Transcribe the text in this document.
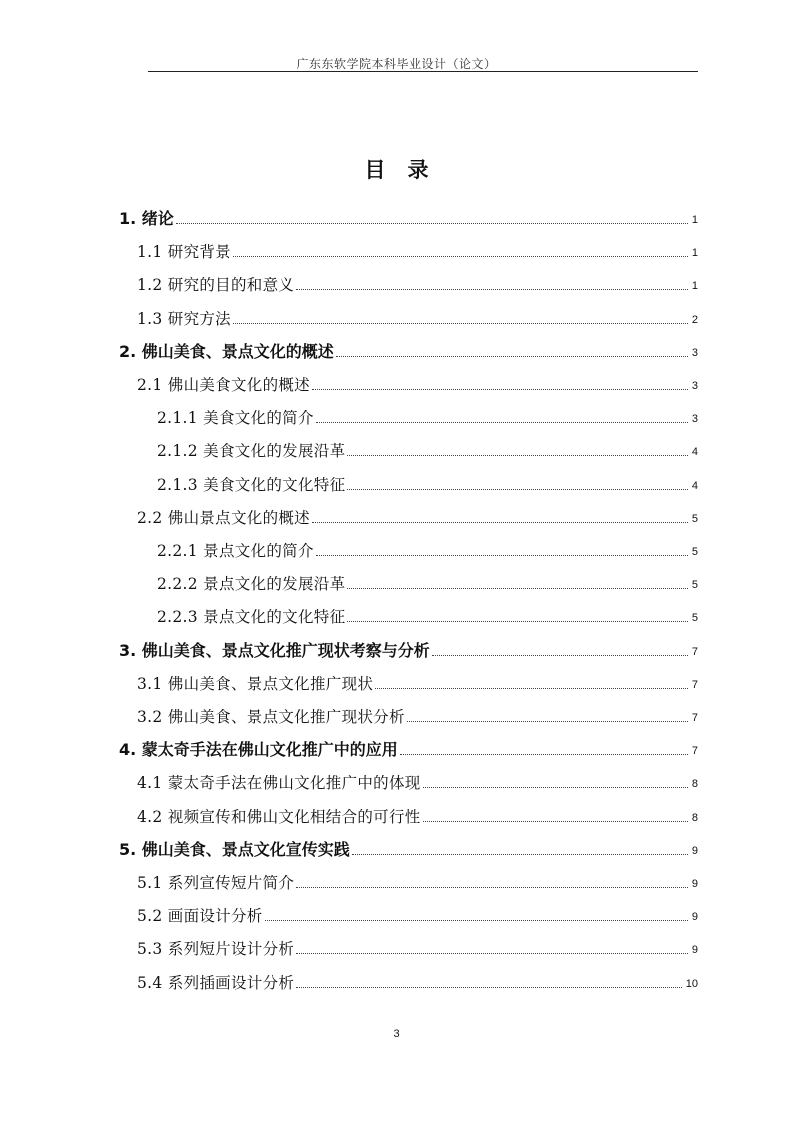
广东东软学院本科毕业设计（论文）
目录
1. 绪论	1
1.1 研究背景	1
1.2 研究的目的和意义	1
1.3 研究方法	2
2. 佛山美食、景点文化的概述	3
2.1 佛山美食文化的概述	3
2.1.1 美食文化的简介	3
2.1.2 美食文化的发展沿革	4
2.1.3 美食文化的文化特征	4
2.2 佛山景点文化的概述	5
2.2.1 景点文化的简介	5
2.2.2 景点文化的发展沿革	5
2.2.3 景点文化的文化特征	5
3. 佛山美食、景点文化推广现状考察与分析	7
3.1 佛山美食、景点文化推广现状	7
3.2 佛山美食、景点文化推广现状分析	7
4. 蒙太奇手法在佛山文化推广中的应用	7
4.1 蒙太奇手法在佛山文化推广中的体现	8
4.2 视频宣传和佛山文化相结合的可行性	8
5. 佛山美食、景点文化宣传实践	9
5.1 系列宣传短片简介	9
5.2 画面设计分析	9
5.3 系列短片设计分析	9
5.4 系列插画设计分析	10
3
